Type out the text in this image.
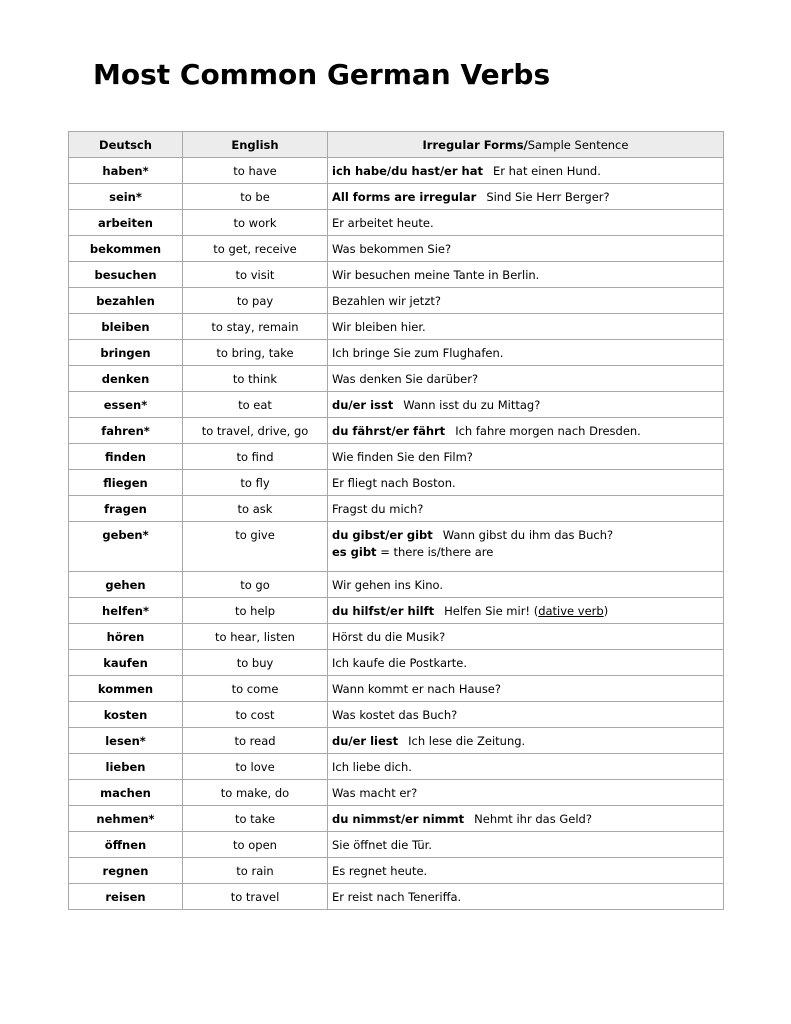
Most Common German Verbs
Deutsch	English	Irregular Forms/Sample Sentence
haben*	to have	ich habe/du hast/er hat Er hat einen Hund.
sein*	to be	All forms are irregular Sind Sie Herr Berger?
arbeiten	to work	Er arbeitet heute.
bekommen	to get, receive	Was bekommen Sie?
besuchen	to visit	Wir besuchen meine Tante in Berlin.
bezahlen	to pay	Bezahlen wir jetzt?
bleiben	to stay, remain	Wir bleiben hier.
bringen	to bring, take	Ich bringe Sie zum Flughafen.
denken	to think	Was denken Sie darüber?
essen*	to eat	du/er isst Wann isst du zu Mittag?
fahren*	to travel, drive, go	du fährst/er fährt Ich fahre morgen nach Dresden.
finden	to find	Wie finden Sie den Film?
fliegen	to fly	Er fliegt nach Boston.
fragen	to ask	Fragst du mich?
geben*	to give	du gibst/er gibt Wann gibst du ihm das Buch?
es gibt = there is/there are

gehen	to go	Wir gehen ins Kino.
helfen*	to help	du hilfst/er hilft Helfen Sie mir! (dative verb)
hören	to hear, listen	Hörst du die Musik?
kaufen	to buy	Ich kaufe die Postkarte.
kommen	to come	Wann kommt er nach Hause?
kosten	to cost	Was kostet das Buch?
lesen*	to read	du/er liest Ich lese die Zeitung.
lieben	to love	Ich liebe dich.
machen	to make, do	Was macht er?
nehmen*	to take	du nimmst/er nimmt Nehmt ihr das Geld?
öffnen	to open	Sie öffnet die Tür.
regnen	to rain	Es regnet heute.
reisen	to travel	Er reist nach Teneriffa.
